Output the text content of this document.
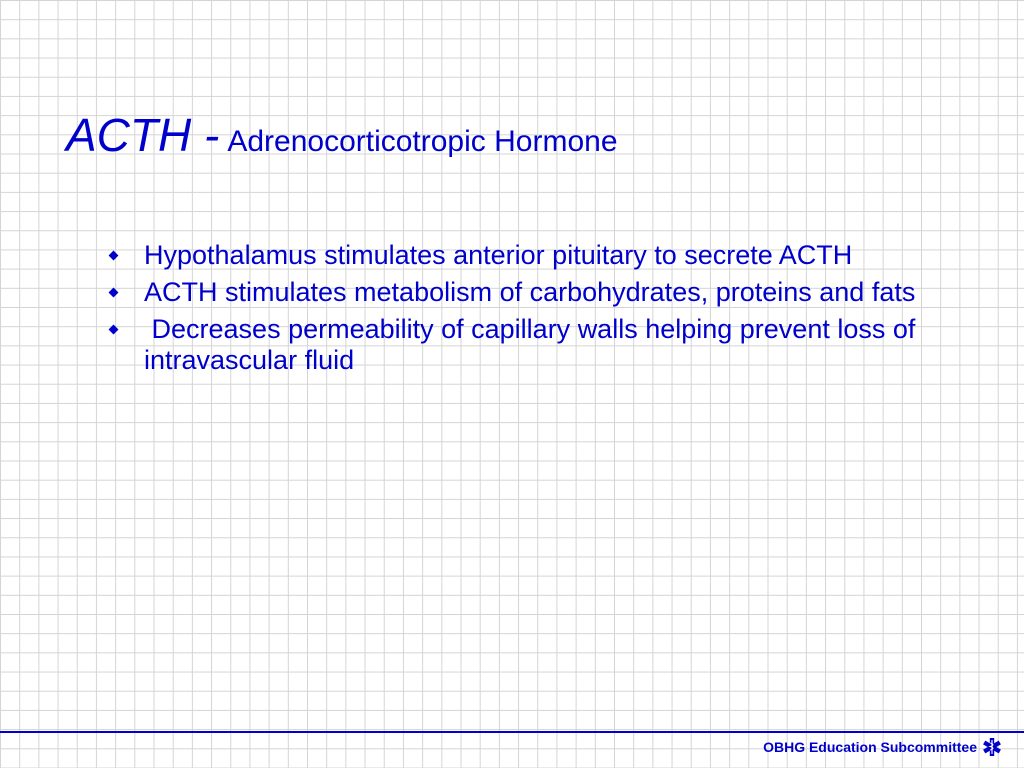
ACTH - Adrenocorticotropic Hormone
Hypothalamus stimulates anterior pituitary to secrete ACTH
ACTH stimulates metabolism of carbohydrates, proteins and fats
Decreases permeability of capillary walls helping prevent loss of intravascular fluid
OBHG Education Subcommittee
